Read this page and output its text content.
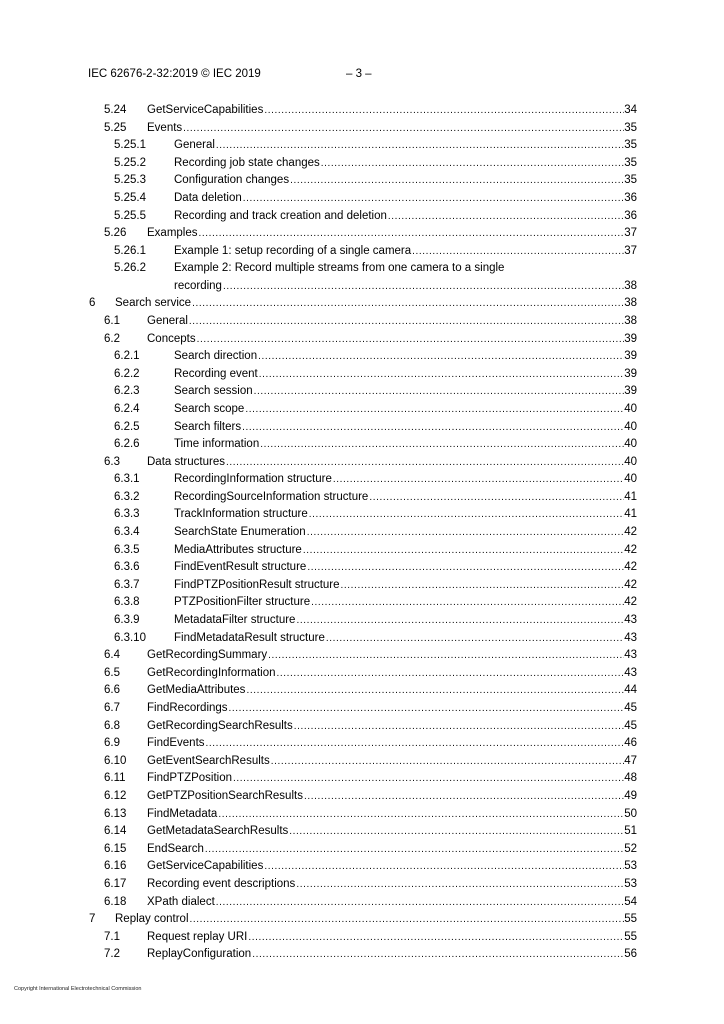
IEC 62676-2-32:2019 © IEC 2019	– 3 –
5.24 GetServiceCapabilities .....	34
5.25 Events .....	35
5.25.1 General .....	35
5.25.2 Recording job state changes .....	35
5.25.3 Configuration changes .....	35
5.25.4 Data deletion .....	36
5.25.5 Recording and track creation and deletion .....	36
5.26 Examples .....	37
5.26.1 Example 1: setup recording of a single camera .....	37
5.26.2 Example 2: Record multiple streams from one camera to a single
recording .....	38
6 Search service .....	38
6.1 General .....	38
6.2 Concepts .....	39
6.2.1	Search direction .....	39
6.2.2	Recording event .....	39
6.2.3	Search session .....	39
6.2.4	Search scope .....	40
6.2.5	Search filters .....	40
6.2.6	Time information .....	40
6.3 Data structures .....	40
6.3.1	RecordingInformation structure .....	40
6.3.2	RecordingSourceInformation structure .....	41
6.3.3	TrackInformation structure .....	41
6.3.4	SearchState Enumeration .....	42
6.3.5	MediaAttributes structure .....	42
6.3.6	FindEventResult structure .....	42
6.3.7	FindPTZPositionResult structure .....	42
6.3.8	PTZPositionFilter structure .....	42
6.3.9	MetadataFilter structure .....	43
6.3.10 FindMetadataResult structure .....	43
6.4 GetRecordingSummary .....	43
6.5 GetRecordingInformation .....	43
6.6 GetMediaAttributes .....	44
6.7 FindRecordings .....	45
6.8 GetRecordingSearchResults .....	45
6.9 FindEvents .....	46
6.10 GetEventSearchResults .....	47
6.11 FindPTZPosition .....	48
6.12 GetPTZPositionSearchResults .....	49
6.13 FindMetadata .....	50
6.14 GetMetadataSearchResults .....	51
6.15 EndSearch .....	52
6.16 GetServiceCapabilities .....	53
6.17 Recording event descriptions .....	53
6.18 XPath dialect .....	54
7 Replay control .....	55
7.1 Request replay URI .....	55
7.2 ReplayConfiguration .....	56
Copyright International Electrotechnical Commission
